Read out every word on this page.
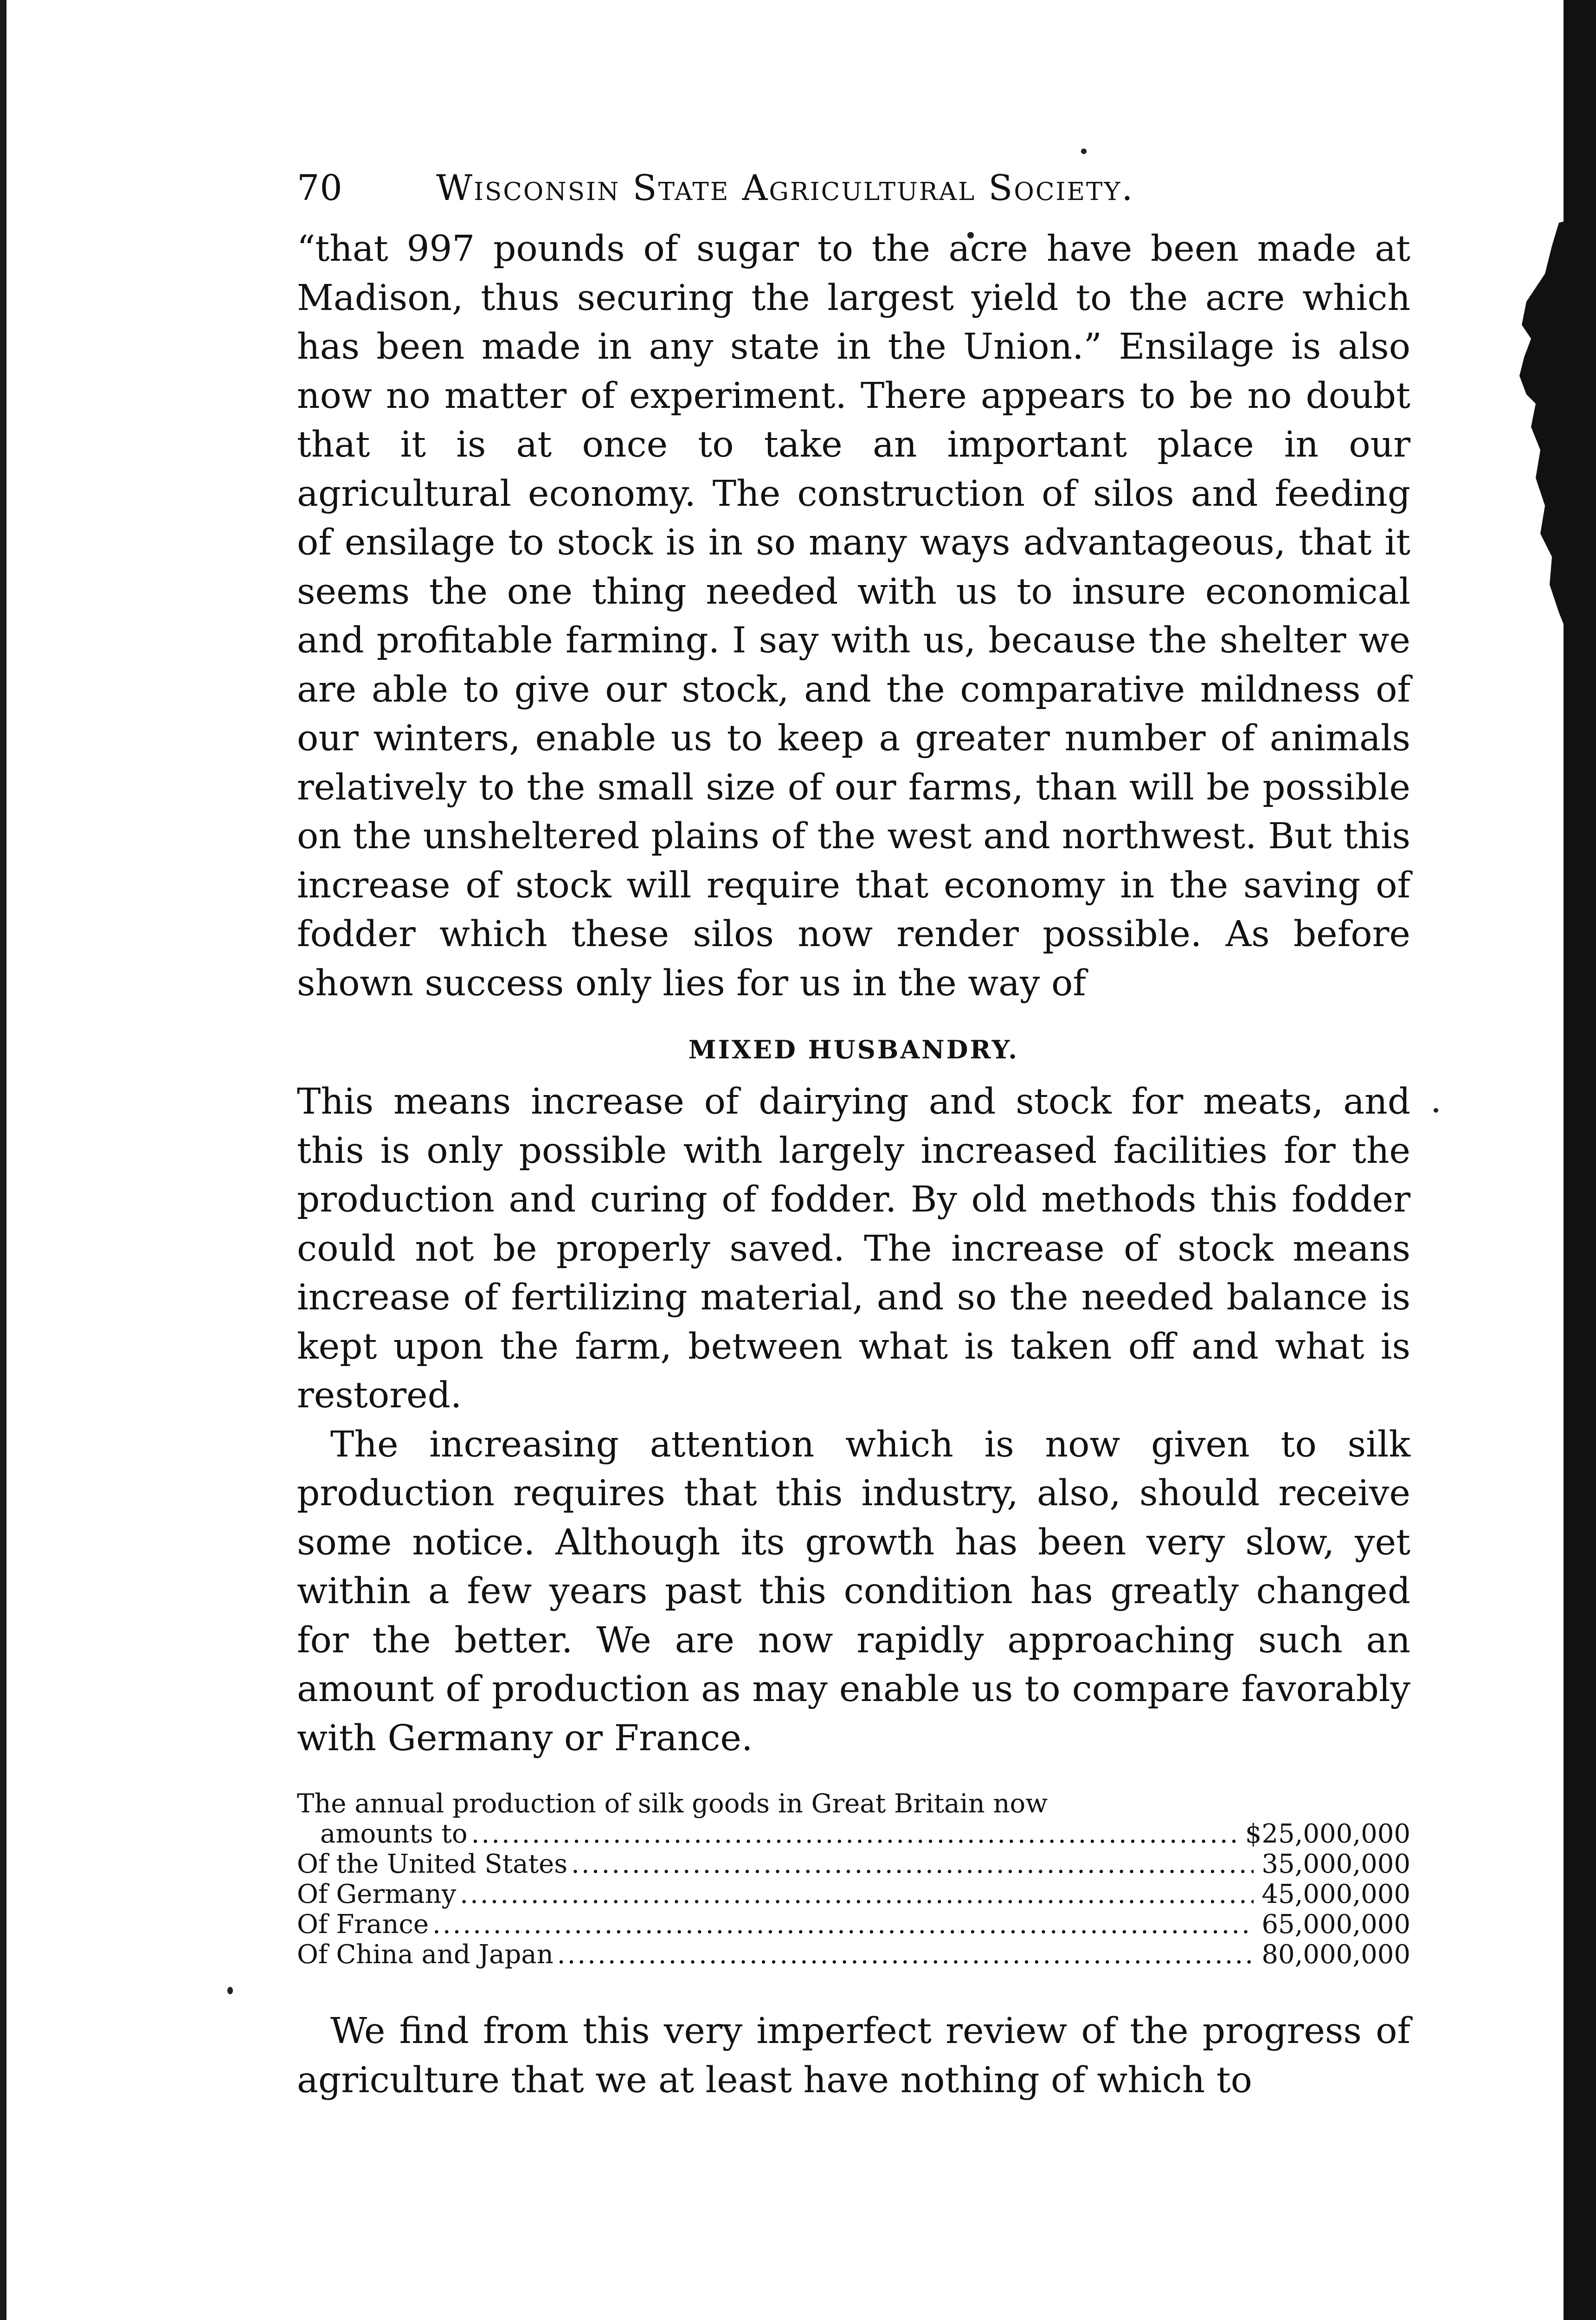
70	Wisconsin State Agricultural Society.

“that 997 pounds of sugar to the acre have been made at Madison, thus securing the largest yield to the acre which has been made in any state in the Union.” Ensilage is also now no matter of experiment. There appears to be no doubt that it is at once to take an important place in our agricultural economy. The construction of silos and feeding of ensilage to stock is in so many ways advantageous, that it seems the one thing needed with us to insure economical and profitable farming. I say with us, because the shelter we are able to give our stock, and the comparative mildness of our winters, enable us to keep a greater number of animals relatively to the small size of our farms, than will be possible on the unsheltered plains of the west and northwest. But this increase of stock will require that economy in the saving of fodder which these silos now render possible. As before shown success only lies for us in the way of

MIXED HUSBANDRY.

This means increase of dairying and stock for meats, and this is only possible with largely increased facilities for the production and curing of fodder. By old methods this fodder could not be properly saved. The increase of stock means increase of fertilizing material, and so the needed balance is kept upon the farm, between what is taken off and what is restored.

The increasing attention which is now given to silk production requires that this industry, also, should receive some notice. Although its growth has been very slow, yet within a few years past this condition has greatly changed for the better. We are now rapidly approaching such an amount of production as may enable us to compare favorably with Germany or France.

The annual production of silk goods in Great Britain now
amounts to .....	$25,000,000
Of the United States .....	35,000,000
Of Germany .....	45,000,000
Of France .....	65,000,000
Of China and Japan .....	80,000,000

We find from this very imperfect review of the progress of agriculture that we at least have nothing of which to
